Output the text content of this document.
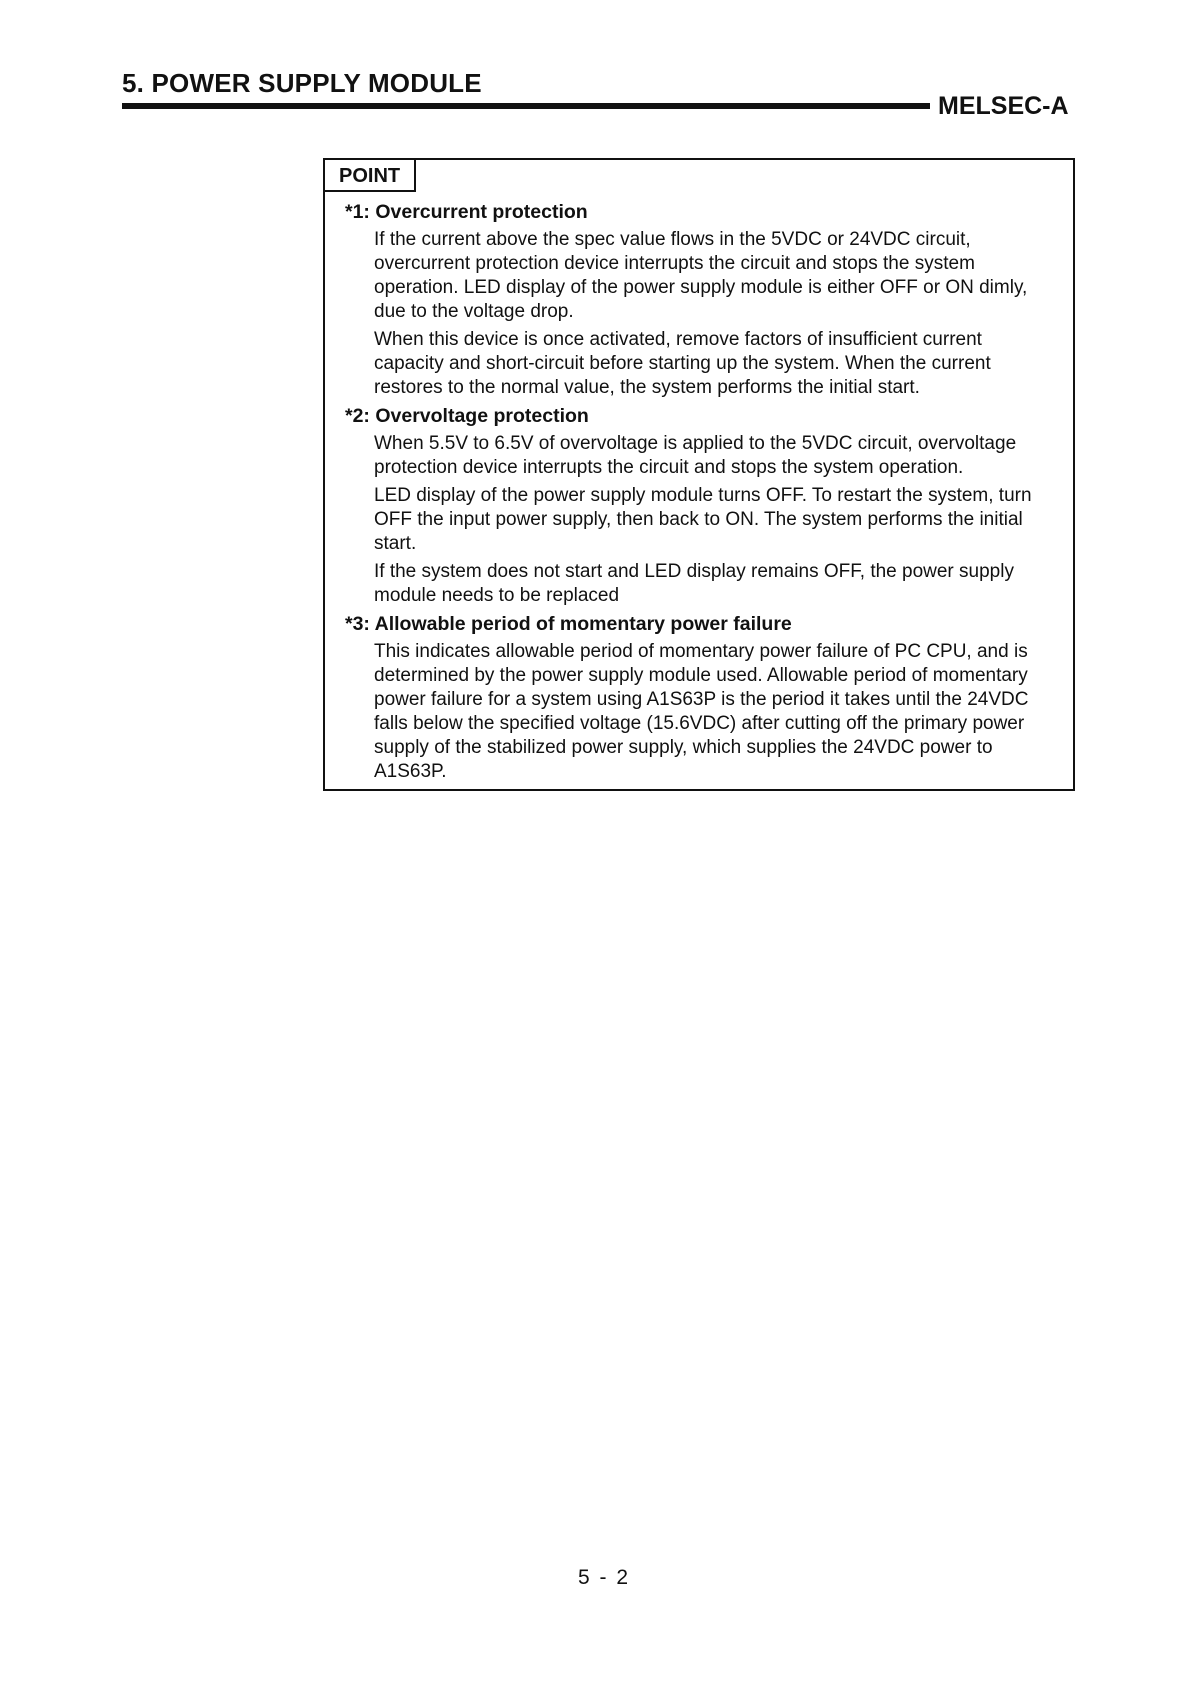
5. POWER SUPPLY MODULE
MELSEC-A
POINT

*1: Overcurrent protection

If the current above the spec value flows in the 5VDC or 24VDC circuit, overcurrent protection device interrupts the circuit and stops the system operation. LED display of the power supply module is either OFF or ON dimly, due to the voltage drop.

When this device is once activated, remove factors of insufficient current capacity and short-circuit before starting up the system. When the current restores to the normal value, the system performs the initial start.

*2: Overvoltage protection

When 5.5V to 6.5V of overvoltage is applied to the 5VDC circuit, overvoltage protection device interrupts the circuit and stops the system operation.

LED display of the power supply module turns OFF. To restart the system, turn OFF the input power supply, then back to ON. The system performs the initial start.

If the system does not start and LED display remains OFF, the power supply module needs to be replaced

*3: Allowable period of momentary power failure

This indicates allowable period of momentary power failure of PC CPU, and is determined by the power supply module used. Allowable period of momentary power failure for a system using A1S63P is the period it takes until the 24VDC falls below the specified voltage (15.6VDC) after cutting off the primary power supply of the stabilized power supply, which supplies the 24VDC power to A1S63P.

5 - 2
